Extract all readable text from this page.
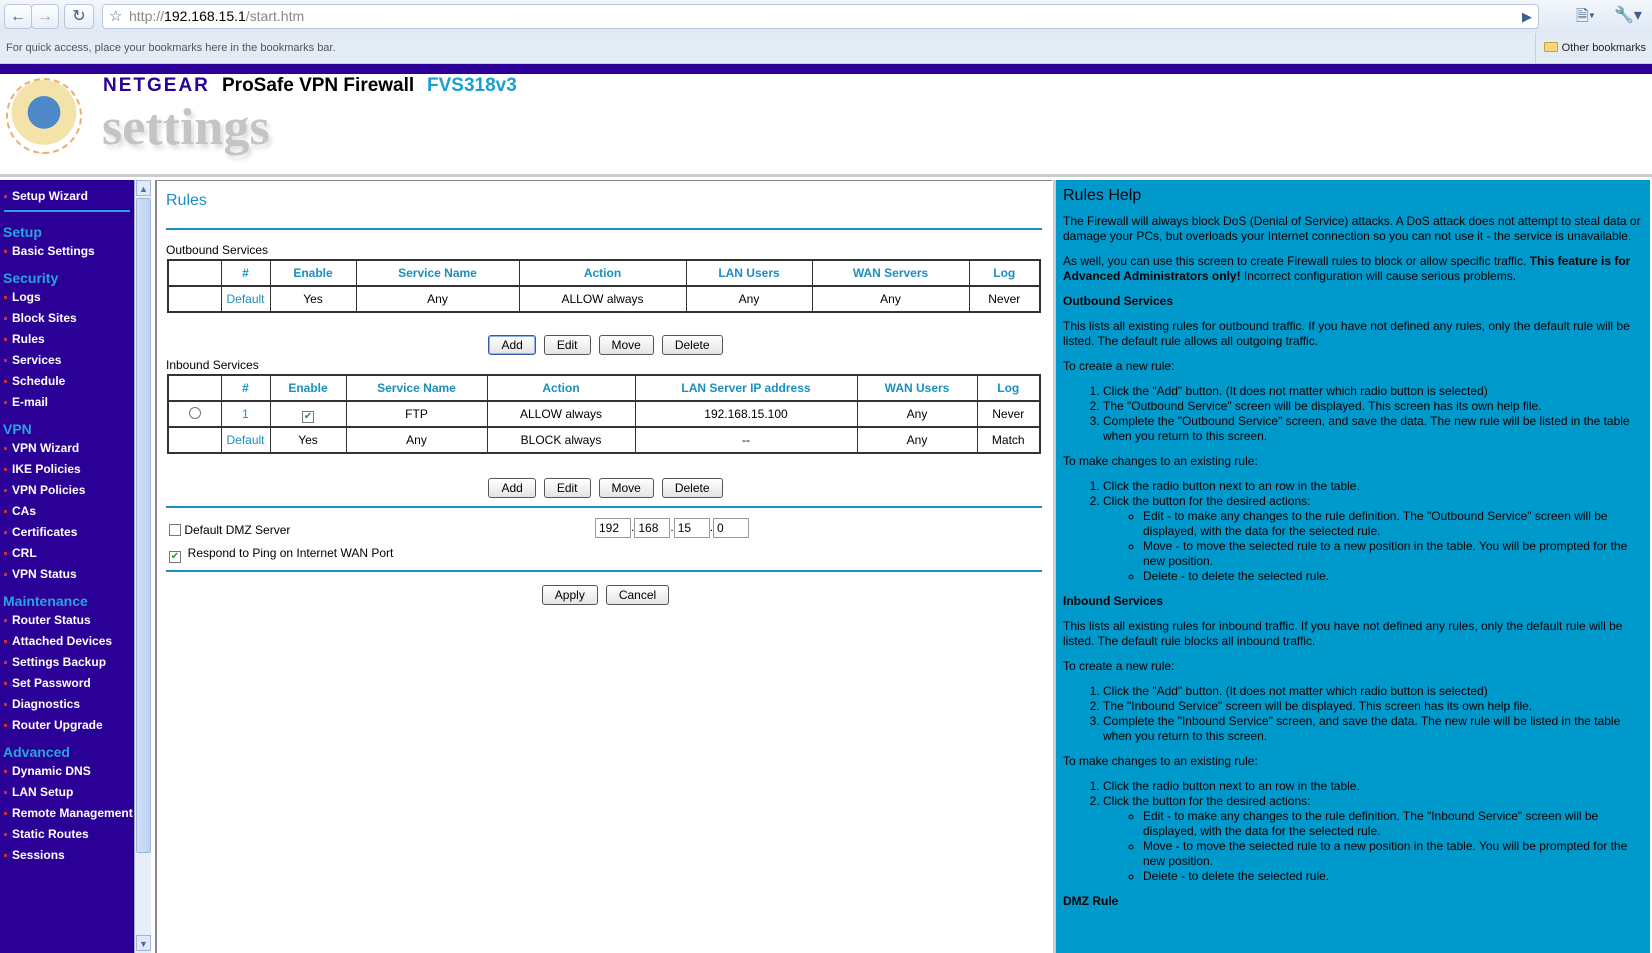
← →	↻	☆ http://192.168.15.1/start.htm	▶	🗎▾ 🔧▾
For quick access, place your bookmarks here in the bookmarks bar.	Other bookmarks
NETGEAR ProSafe VPN Firewall FVS318v3
settings
Setup Wizard
Setup
Basic Settings
Security
Logs
Block Sites
Rules
Services
Schedule
E-mail
VPN
VPN Wizard
IKE Policies
VPN Policies
CAs
Certificates
CRL
VPN Status
Maintenance
Router Status
Attached Devices
Settings Backup
Set Password
Diagnostics
Router Upgrade
Advanced
Dynamic DNS
LAN Setup
Remote Management
Static Routes
Sessions
▲
▼
Rules
Outbound Services
	#	Enable	Service Name	Action	LAN Users	WAN Servers	Log
	Default	Yes	Any	ALLOW always	Any	Any	Never
Add	Edit	Move	Delete
Inbound Services
	#	Enable	Service Name	Action	LAN Server IP address	WAN Users	Log
	1	✔	FTP	ALLOW always	192.168.15.100	Any	Never
	Default	Yes	Any	BLOCK always	--	Any	Match
Add	Edit	Move	Delete
Default DMZ Server
192	. 168	. 15	. 0
✔ Respond to Ping on Internet WAN Port
Apply	Cancel
Rules Help

The Firewall will always block DoS (Denial of Service) attacks. A DoS attack does not attempt to steal data or damage your PCs, but overloads your Internet connection so you can not use it - the service is unavailable.

As well, you can use this screen to create Firewall rules to block or allow specific traffic. This feature is for Advanced Administrators only! Incorrect configuration will cause serious problems.

Outbound Services

This lists all existing rules for outbound traffic. If you have not defined any rules, only the default rule will be listed. The default rule allows all outgoing traffic.

To create a new rule:

1. Click the "Add" button. (It does not matter which radio button is selected)
2. The "Outbound Service" screen will be displayed. This screen has its own help file.
3. Complete the "Outbound Service" screen, and save the data. The new rule will be listed in the table when you return to this screen.

To make changes to an existing rule:

1. Click the radio button next to an row in the table.
2. Click the button for the desired actions:
◦ Edit - to make any changes to the rule definition. The "Outbound Service" screen will be displayed, with the data for the selected rule.
◦ Move - to move the selected rule to a new position in the table. You will be prompted for the new position.
◦ Delete - to delete the selected rule.
Inbound Services

This lists all existing rules for inbound traffic. If you have not defined any rules, only the default rule will be listed. The default rule blocks all inbound traffic.

To create a new rule:

1. Click the "Add" button. (It does not matter which radio button is selected)
2. The "Inbound Service" screen will be displayed. This screen has its own help file.
3. Complete the "Inbound Service" screen, and save the data. The new rule will be listed in the table when you return to this screen.

To make changes to an existing rule:

1. Click the radio button next to an row in the table.
2. Click the button for the desired actions:
◦ Edit - to make any changes to the rule definition. The "Inbound Service" screen will be displayed, with the data for the selected rule.
◦ Move - to move the selected rule to a new position in the table. You will be prompted for the new position.
◦ Delete - to delete the selected rule.
DMZ Rule
